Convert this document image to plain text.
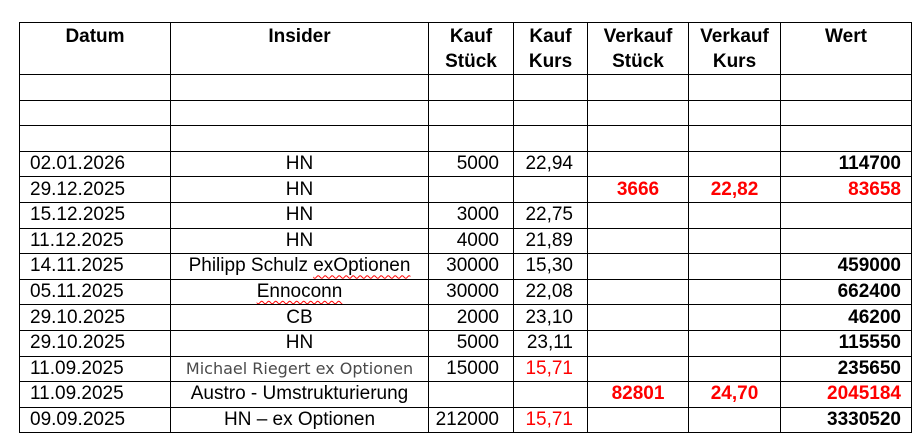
Datum	Insider	Kauf Stück	Kauf Kurs	Verkauf Stück	Verkauf Kurs	Wert

02.01.2026	HN	5000	22,94			114700
29.12.2025	HN			3666	22,82	83658
15.12.2025	HN	3000	22,75			
11.12.2025	HN	4000	21,89			
14.11.2025	Philipp Schulz exOptionen	30000	15,30			459000
05.11.2025	Ennoconn	30000	22,08			662400
29.10.2025	CB	2000	23,10			46200
29.10.2025	HN	5000	23,11			115550
11.09.2025	Michael Riegert ex Optionen	15000	15,71			235650
11.09.2025	Austro - Umstrukturierung			82801	24,70	2045184
09.09.2025	HN – ex Optionen	212000	15,71			3330520
